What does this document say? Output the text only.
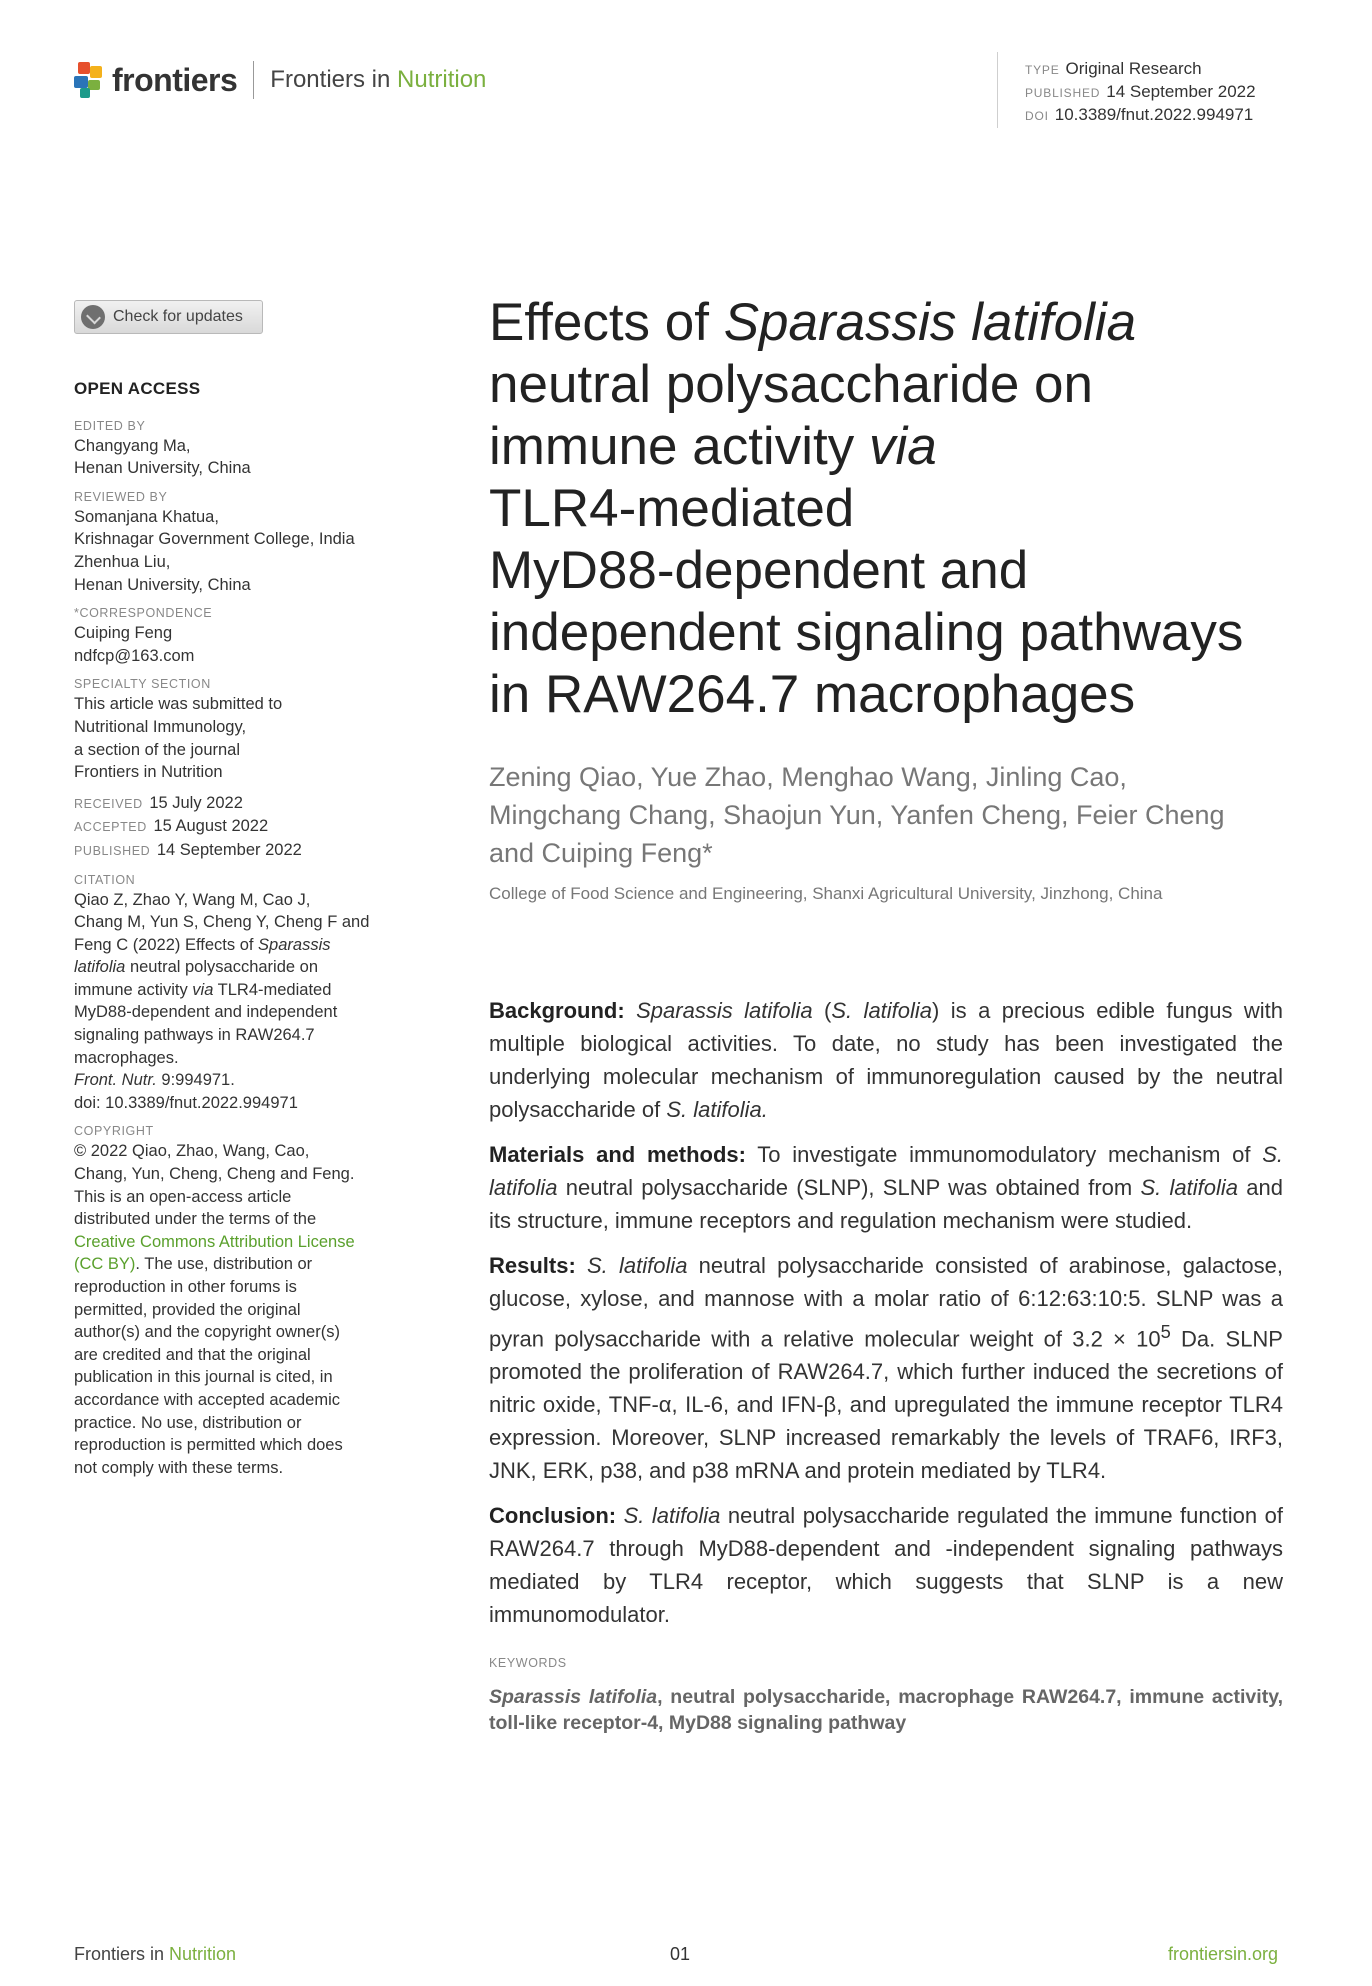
frontiers Frontiers in Nutrition	TYPE Original Research
PUBLISHED 14 September 2022
DOI 10.3389/fnut.2022.994971
Check for updates
OPEN ACCESS
EDITED BY
Changyang Ma,
Henan University, China
REVIEWED BY
Somanjana Khatua,
Krishnagar Government College, India
Zhenhua Liu,
Henan University, China
*CORRESPONDENCE
Cuiping Feng
ndfcp@163.com
SPECIALTY SECTION
This article was submitted to
Nutritional Immunology,
a section of the journal
Frontiers in Nutrition
RECEIVED 15 July 2022
ACCEPTED 15 August 2022
PUBLISHED 14 September 2022
CITATION
Qiao Z, Zhao Y, Wang M, Cao J,
Chang M, Yun S, Cheng Y, Cheng F and
Feng C (2022) Effects of Sparassis
latifolia neutral polysaccharide on
immune activity via TLR4-mediated
MyD88-dependent and independent
signaling pathways in RAW264.7
macrophages.
Front. Nutr. 9:994971.
doi: 10.3389/fnut.2022.994971
COPYRIGHT
© 2022 Qiao, Zhao, Wang, Cao,
Chang, Yun, Cheng, Cheng and Feng.
This is an open-access article
distributed under the terms of the
Creative Commons Attribution License
(CC BY). The use, distribution or
reproduction in other forums is
permitted, provided the original
author(s) and the copyright owner(s)
are credited and that the original
publication in this journal is cited, in
accordance with accepted academic
practice. No use, distribution or
reproduction is permitted which does
not comply with these terms.
Effects of Sparassis latifolia
neutral polysaccharide on
immune activity via
TLR4-mediated
MyD88-dependent and
independent signaling pathways
in RAW264.7 macrophages
Zening Qiao, Yue Zhao, Menghao Wang, Jinling Cao,
Mingchang Chang, Shaojun Yun, Yanfen Cheng, Feier Cheng
and Cuiping Feng*
College of Food Science and Engineering, Shanxi Agricultural University, Jinzhong, China

Background: Sparassis latifolia (S. latifolia) is a precious edible fungus with multiple biological activities. To date, no study has been investigated the underlying molecular mechanism of immunoregulation caused by the neutral polysaccharide of S. latifolia.

Materials and methods: To investigate immunomodulatory mechanism of S. latifolia neutral polysaccharide (SLNP), SLNP was obtained from S. latifolia and its structure, immune receptors and regulation mechanism were studied.

Results: S. latifolia neutral polysaccharide consisted of arabinose, galactose, glucose, xylose, and mannose with a molar ratio of 6:12:63:10:5. SLNP was a pyran polysaccharide with a relative molecular weight of $3.2 \times 10^5$ Da. SLNP promoted the proliferation of RAW264.7, which further induced the secretions of nitric oxide, TNF-α, IL-6, and IFN-β, and upregulated the immune receptor TLR4 expression. Moreover, SLNP increased remarkably the levels of TRAF6, IRF3, JNK, ERK, p38, and p38 mRNA and protein mediated by TLR4.

Conclusion: S. latifolia neutral polysaccharide regulated the immune function of RAW264.7 through MyD88-dependent and -independent signaling pathways mediated by TLR4 receptor, which suggests that SLNP is a new immunomodulator.

KEYWORDS
Sparassis latifolia, neutral polysaccharide, macrophage RAW264.7, immune activity, toll-like receptor-4, MyD88 signaling pathway
Frontiers in Nutrition	01	frontiersin.org
